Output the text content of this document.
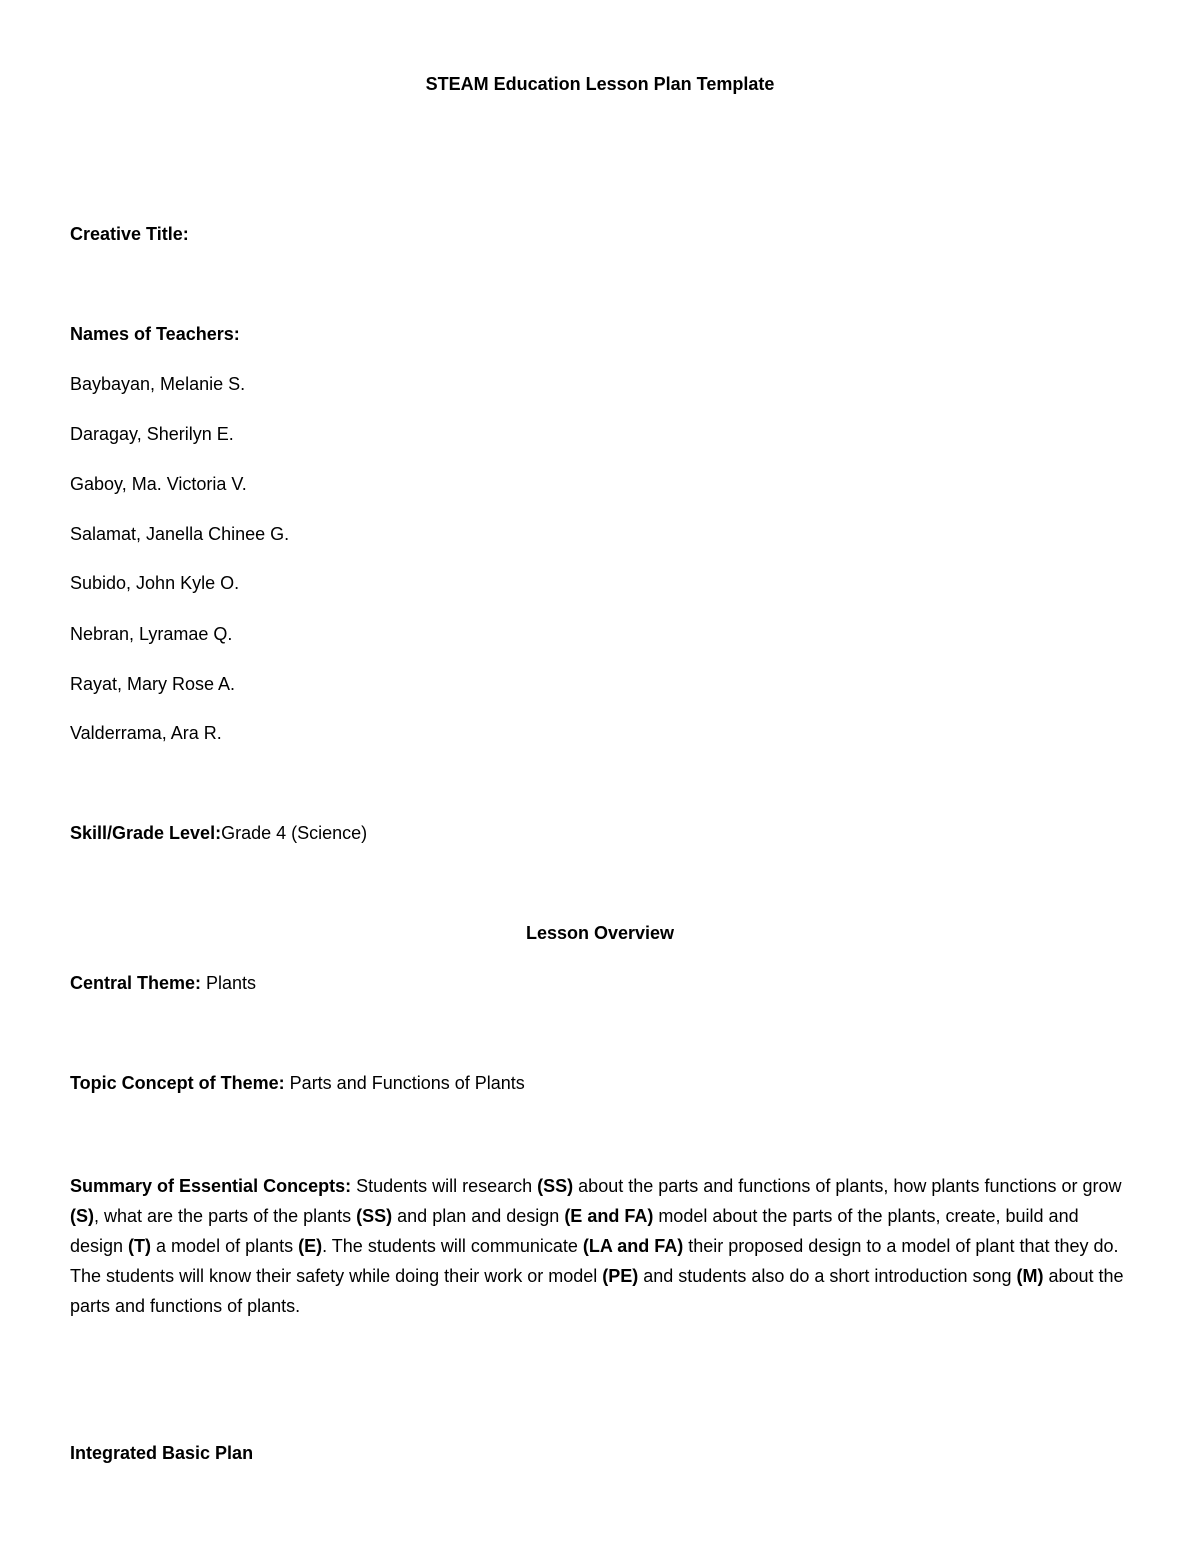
STEAM Education Lesson Plan Template
Creative Title:
Names of Teachers:
Baybayan, Melanie S.
Daragay, Sherilyn E.
Gaboy, Ma. Victoria V.
Salamat, Janella Chinee G.
Subido, John Kyle O.
Nebran, Lyramae Q.
Rayat, Mary Rose A.
Valderrama, Ara R.
Skill/Grade Level:Grade 4 (Science)
Lesson Overview
Central Theme: Plants
Topic Concept of Theme: Parts and Functions of Plants
Summary of Essential Concepts: Students will research (SS) about the parts and functions of plants, how plants functions or grow (S), what are the parts of the plants (SS) and plan and design (E and FA) model about the parts of the plants, create, build and design (T) a model of plants (E). The students will communicate (LA and FA) their proposed design to a model of plant that they do. The students will know their safety while doing their work or model (PE) and students also do a short introduction song (M) about the parts and functions of plants.
Integrated Basic Plan
